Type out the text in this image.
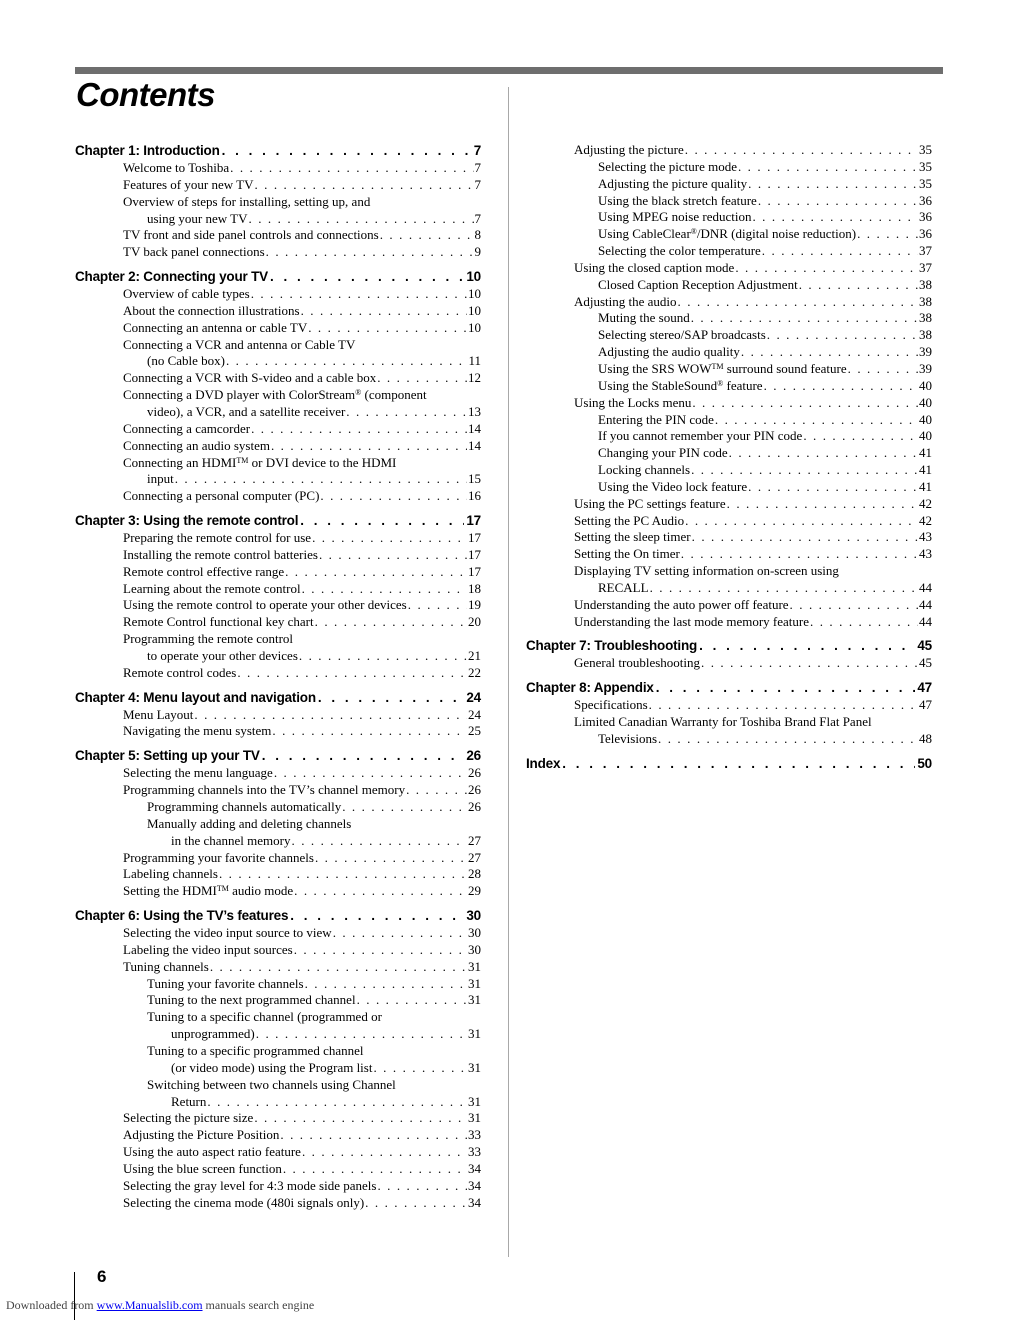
Contents
Chapter 1: Introduction . . .	7
Welcome to Toshiba . . .	7
Features of your new TV . . .	7
Overview of steps for installing, setting up, and
using your new TV . . .	7
TV front and side panel controls and connections . . .	8
TV back panel connections . . .	9
Chapter 2: Connecting your TV . . .	10
Overview of cable types . . .	10
About the connection illustrations . . .	10
Connecting an antenna or cable TV . . .	10
Connecting a VCR and antenna or Cable TV
(no Cable box) . . .	11
Connecting a VCR with S-video and a cable box . . .	12
Connecting a DVD player with ColorStream® (component
video), a VCR, and a satellite receiver . . .	13
Connecting a camcorder . . .	14
Connecting an audio system . . .	14
Connecting an HDMI™ or DVI device to the HDMI
input . . .	15
Connecting a personal computer (PC) . . .	16
Chapter 3: Using the remote control . . .	17
Preparing the remote control for use . . .	17
Installing the remote control batteries . . .	17
Remote control effective range . . .	17
Learning about the remote control . . .	18
Using the remote control to operate your other devices . . .	19
Remote Control functional key chart . . .	20
Programming the remote control
to operate your other devices . . .	21
Remote control codes . . .	22
Chapter 4: Menu layout and navigation . . .	24
Menu Layout . . .	24
Navigating the menu system . . .	25
Chapter 5: Setting up your TV . . .	26
Selecting the menu language . . .	26
Programming channels into the TV’s channel memory . . .	26
Programming channels automatically . . .	26
Manually adding and deleting channels
in the channel memory . . .	27
Programming your favorite channels . . .	27
Labeling channels . . .	28
Setting the HDMI™ audio mode . . .	29
Chapter 6: Using the TV’s features . . .	30
Selecting the video input source to view . . .	30
Labeling the video input sources . . .	30
Tuning channels . . .	31
Tuning your favorite channels . . .	31
Tuning to the next programmed channel . . .	31
Tuning to a specific channel (programmed or
unprogrammed) . . .	31
Tuning to a specific programmed channel
(or video mode) using the Program list . . .	31
Switching between two channels using Channel
Return . . .	31
Selecting the picture size . . .	31
Adjusting the Picture Position . . .	33
Using the auto aspect ratio feature . . .	33
Using the blue screen function . . .	34
Selecting the gray level for 4:3 mode side panels . . .	34
Selecting the cinema mode (480i signals only) . . .	34
Adjusting the picture . . .	35
Selecting the picture mode . . .	35
Adjusting the picture quality . . .	35
Using the black stretch feature . . .	36
Using MPEG noise reduction . . .	36
Using CableClear®/DNR (digital noise reduction) . . .	36
Selecting the color temperature . . .	37
Using the closed caption mode . . .	37
Closed Caption Reception Adjustment . . .	38
Adjusting the audio . . .	38
Muting the sound . . .	38
Selecting stereo/SAP broadcasts . . .	38
Adjusting the audio quality . . .	39
Using the SRS WOW™ surround sound feature . . .	39
Using the StableSound® feature . . .	40
Using the Locks menu . . .	40
Entering the PIN code . . .	40
If you cannot remember your PIN code . . .	40
Changing your PIN code . . .	41
Locking channels . . .	41
Using the Video lock feature . . .	41
Using the PC settings feature . . .	42
Setting the PC Audio . . .	42
Setting the sleep timer . . .	43
Setting the On timer . . .	43
Displaying TV setting information on-screen using
RECALL . . .	44
Understanding the auto power off feature . . .	44
Understanding the last mode memory feature . . .	44
Chapter 7: Troubleshooting . . .	45
General troubleshooting . . .	45
Chapter 8: Appendix . . .	47
Specifications . . .	47
Limited Canadian Warranty for Toshiba Brand Flat Panel
Televisions . . .	48
Index . . .	50
6
Downloaded from www.Manualslib.com manuals search engine
